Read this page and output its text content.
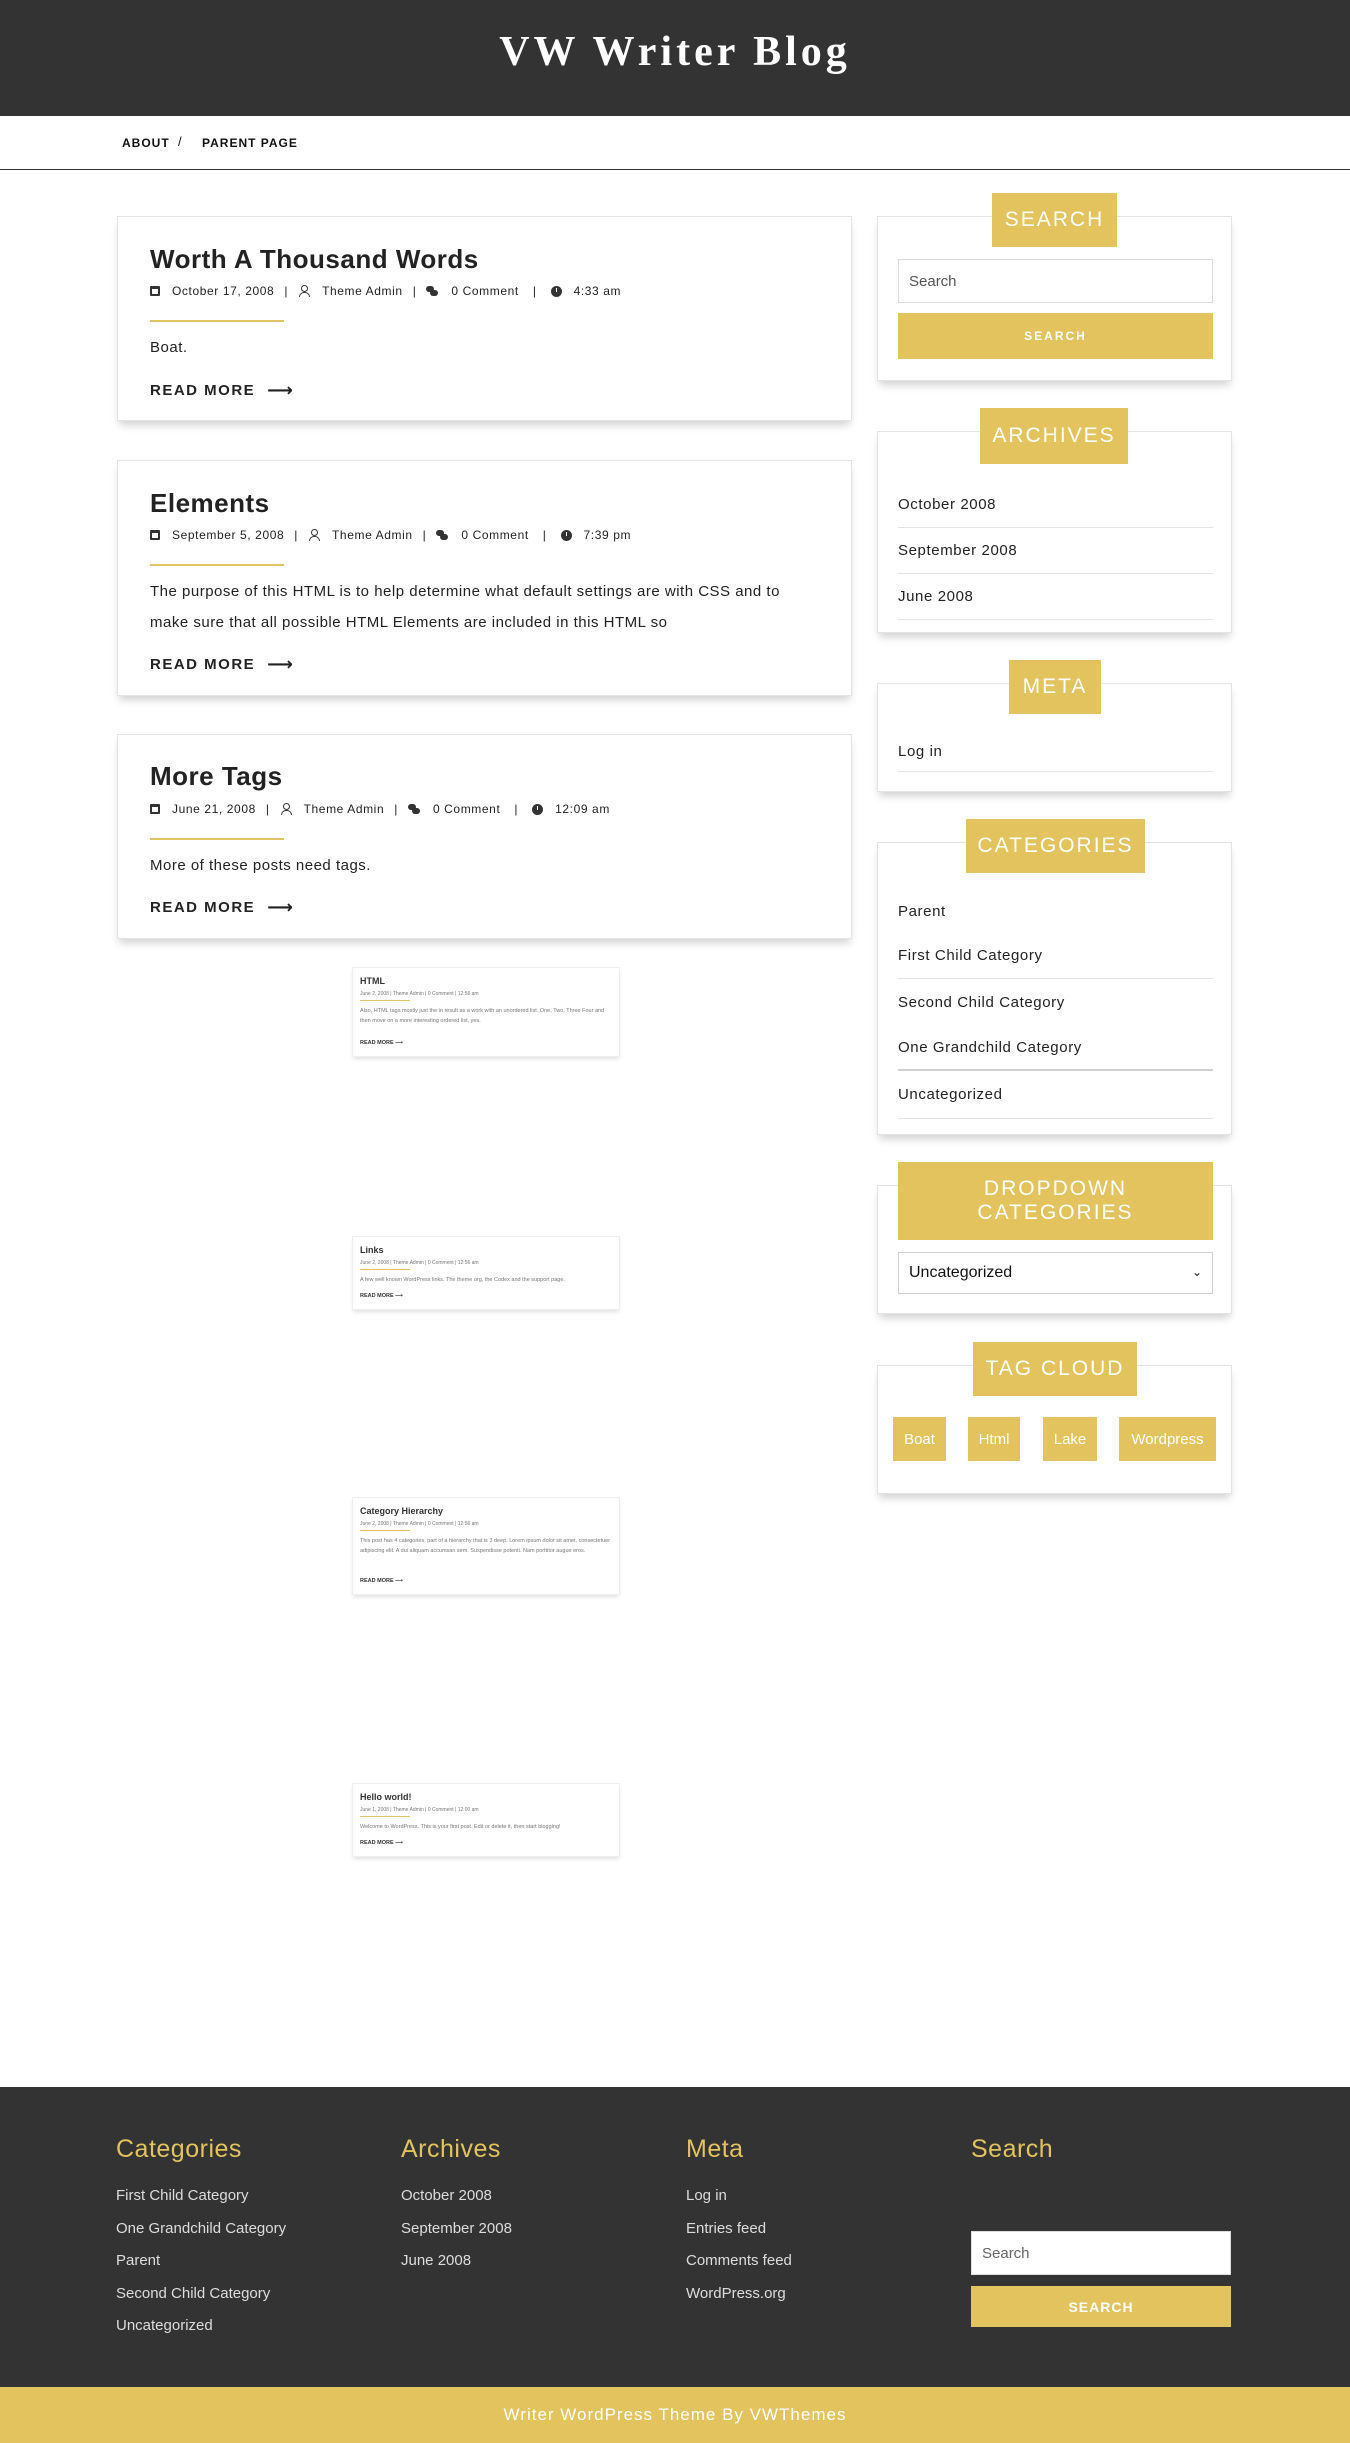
VW Writer Blog
ABOUT / PARENT PAGE
Worth A Thousand Words
October 17, 2008 |	Theme Admin |	0 Comment |	4:33 am
Boat.
READ MORE ⟶
Elements
September 5, 2008 |	Theme Admin |	0 Comment |	7:39 pm
The purpose of this HTML is to help determine what default settings are with CSS and to make sure that all possible HTML Elements are included in this HTML so
READ MORE ⟶
More Tags
June 21, 2008 |	Theme Admin |	0 Comment |	12:09 am
More of these posts need tags.
READ MORE ⟶
HTML
June 2, 2008 | Theme Admin | 0 Comment | 12:56 am
Also, HTML tags mostly just the in result as a work with an unordered list. One, Two, Three Four and then move on a more interesting ordered list, yes.
READ MORE ⟶
Links
June 2, 2008 | Theme Admin | 0 Comment | 12:56 am
A few well known WordPress links. The theme org, the Codex and the support page.
READ MORE ⟶
Category Hierarchy
June 2, 2008 | Theme Admin | 0 Comment | 12:56 am
This post has 4 categories, part of a hierarchy that is 3 deep. Lorem ipsum dolor sit amet, consectetuer adipiscing elit. A dui aliquam accumsan sem. Suspendisse potenti. Nam porttitor augue eros.
READ MORE ⟶
Hello world!
June 1, 2008 | Theme Admin | 0 Comment | 12:00 am
Welcome to WordPress. This is your first post. Edit or delete it, then start blogging!
READ MORE ⟶
SEARCH
Search
SEARCH
ARCHIVES
October 2008
September 2008
June 2008
META
Log in
CATEGORIES
Parent
First Child Category
Second Child Category
One Grandchild Category
Uncategorized
DROPDOWN CATEGORIES
Uncategorized	⌄
TAG CLOUD
Boat	Html	Lake	Wordpress
Categories
First Child Category
One Grandchild Category
Parent
Second Child Category
Uncategorized
Archives
October 2008
September 2008
June 2008
Meta
Log in
Entries feed
Comments feed
WordPress.org
Search
Search
SEARCH
Writer WordPress Theme By VWThemes
